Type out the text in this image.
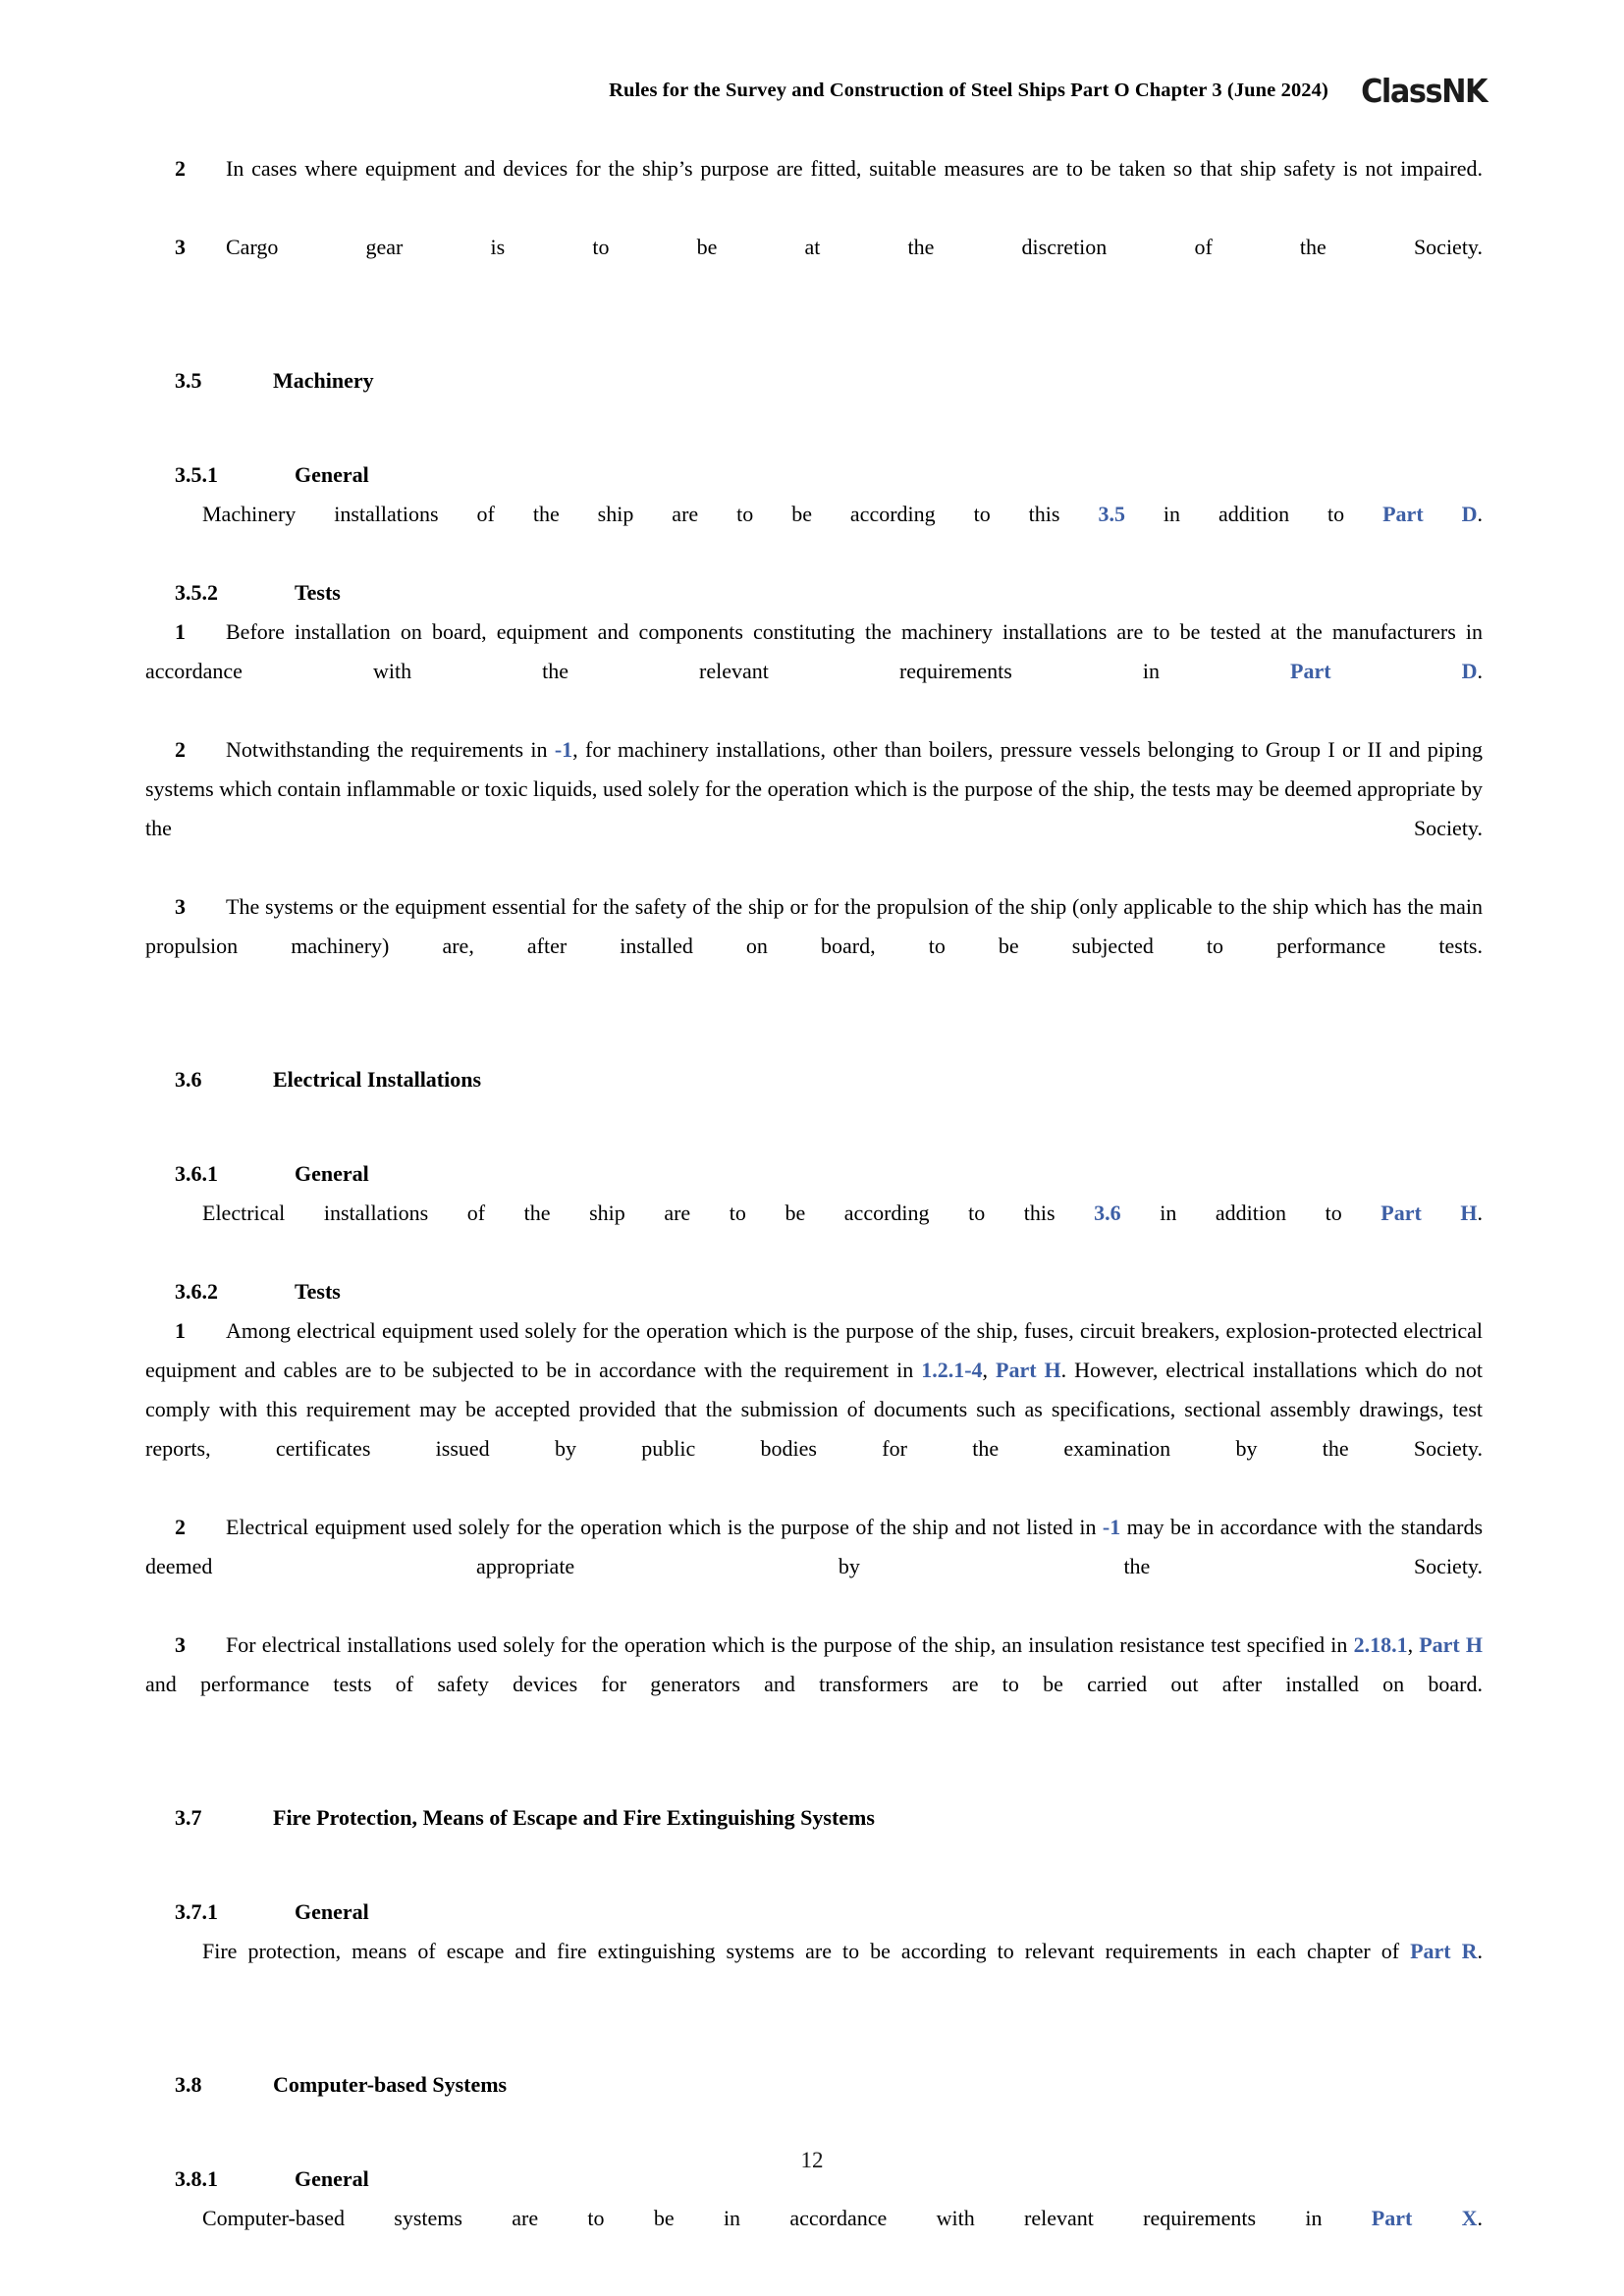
Rules for the Survey and Construction of Steel Ships Part O Chapter 3 (June 2024) ClassNK

2 In cases where equipment and devices for the ship’s purpose are fitted, suitable measures are to be taken so that ship safety is not impaired.

3 Cargo gear is to be at the discretion of the Society.

3.5	Machinery
3.5.1	General

Machinery installations of the ship are to be according to this 3.5 in addition to Part D.

3.5.2	Tests

1 Before installation on board, equipment and components constituting the machinery installations are to be tested at the manufacturers in accordance with the relevant requirements in Part D.

2 Notwithstanding the requirements in -1, for machinery installations, other than boilers, pressure vessels belonging to Group I or II and piping systems which contain inflammable or toxic liquids, used solely for the operation which is the purpose of the ship, the tests may be deemed appropriate by the Society.

3 The systems or the equipment essential for the safety of the ship or for the propulsion of the ship (only applicable to the ship which has the main propulsion machinery) are, after installed on board, to be subjected to performance tests.

3.6	Electrical Installations
3.6.1	General

Electrical installations of the ship are to be according to this 3.6 in addition to Part H.

3.6.2	Tests

1 Among electrical equipment used solely for the operation which is the purpose of the ship, fuses, circuit breakers, explosion-protected electrical equipment and cables are to be subjected to be in accordance with the requirement in 1.2.1-4, Part H. However, electrical installations which do not comply with this requirement may be accepted provided that the submission of documents such as specifications, sectional assembly drawings, test reports, certificates issued by public bodies for the examination by the Society.

2 Electrical equipment used solely for the operation which is the purpose of the ship and not listed in -1 may be in accordance with the standards deemed appropriate by the Society.

3 For electrical installations used solely for the operation which is the purpose of the ship, an insulation resistance test specified in 2.18.1, Part H and performance tests of safety devices for generators and transformers are to be carried out after installed on board.

3.7	Fire Protection, Means of Escape and Fire Extinguishing Systems
3.7.1	General

Fire protection, means of escape and fire extinguishing systems are to be according to relevant requirements in each chapter of Part R.

3.8	Computer-based Systems
3.8.1	General

Computer-based systems are to be in accordance with relevant requirements in Part X.

12
